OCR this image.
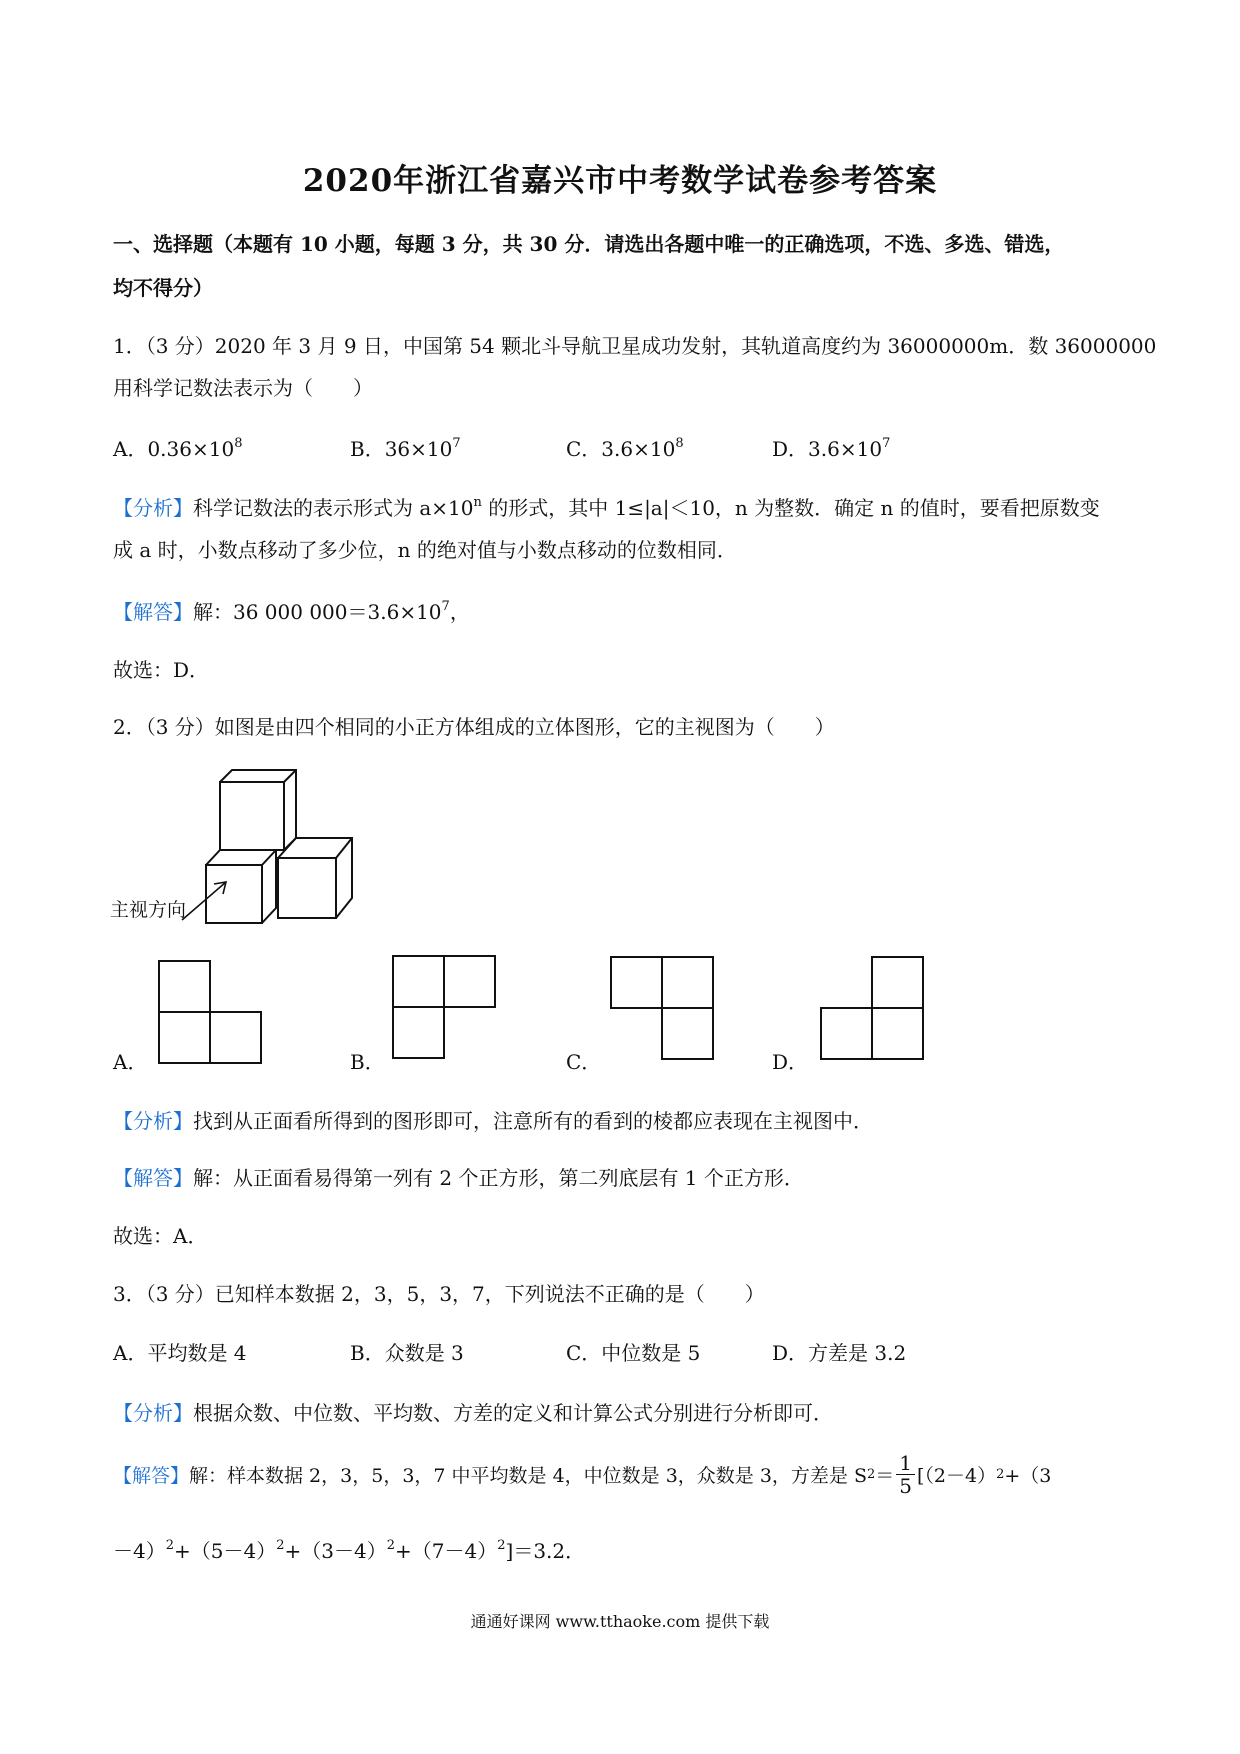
2020年浙江省嘉兴市中考数学试卷参考答案
一、选择题（本题有 10 小题，每题 3 分，共 30 分．请选出各题中唯一的正确选项，不选、多选、错选，
均不得分）
1．（3 分）2020 年 3 月 9 日，中国第 54 颗北斗导航卫星成功发射，其轨道高度约为 36000000m．数 36000000
用科学记数法表示为（　　）
A．$0.36\times 10^8$	B．$36\times 10^7$	C．$3.6\times 10^8$	D．$3.6\times 10^7$
【分析】科学记数法的表示形式为 $a\times 10^n$ 的形式，其中 1≤|a|＜10，n 为整数．确定 n 的值时，要看把原数变
成 a 时，小数点移动了多少位，n 的绝对值与小数点移动的位数相同．
【解答】解：36 000 $000=3.6\times 10^7$，
故选：D．
2．（3 分）如图是由四个相同的小正方体组成的立体图形，它的主视图为（　　）
主视方向
A．	B．	C．	D．
【分析】找到从正面看所得到的图形即可，注意所有的看到的棱都应表现在主视图中．
【解答】解：从正面看易得第一列有 2 个正方形，第二列底层有 1 个正方形．
故选：A．
3．（3 分）已知样本数据 2，3，5，3，7，下列说法不正确的是（　　）
A．平均数是 4	B．众数是 3	C．中位数是 5	D．方差是 3.2
【分析】根据众数、中位数、平均数、方差的定义和计算公式分别进行分析即可．
【解答】 解：样本数据 2，3，5，3，7 中平均数是 4，中位数是 3，众数是 3，方差是 S $2 = \frac{1}{5} [(2-4)$ 2 +（3
$-4)^2+(5-4)^2+(3-4)^2+(7-4)^2]=3.2$．
通通好课网 www.tthaoke.com 提供下载
